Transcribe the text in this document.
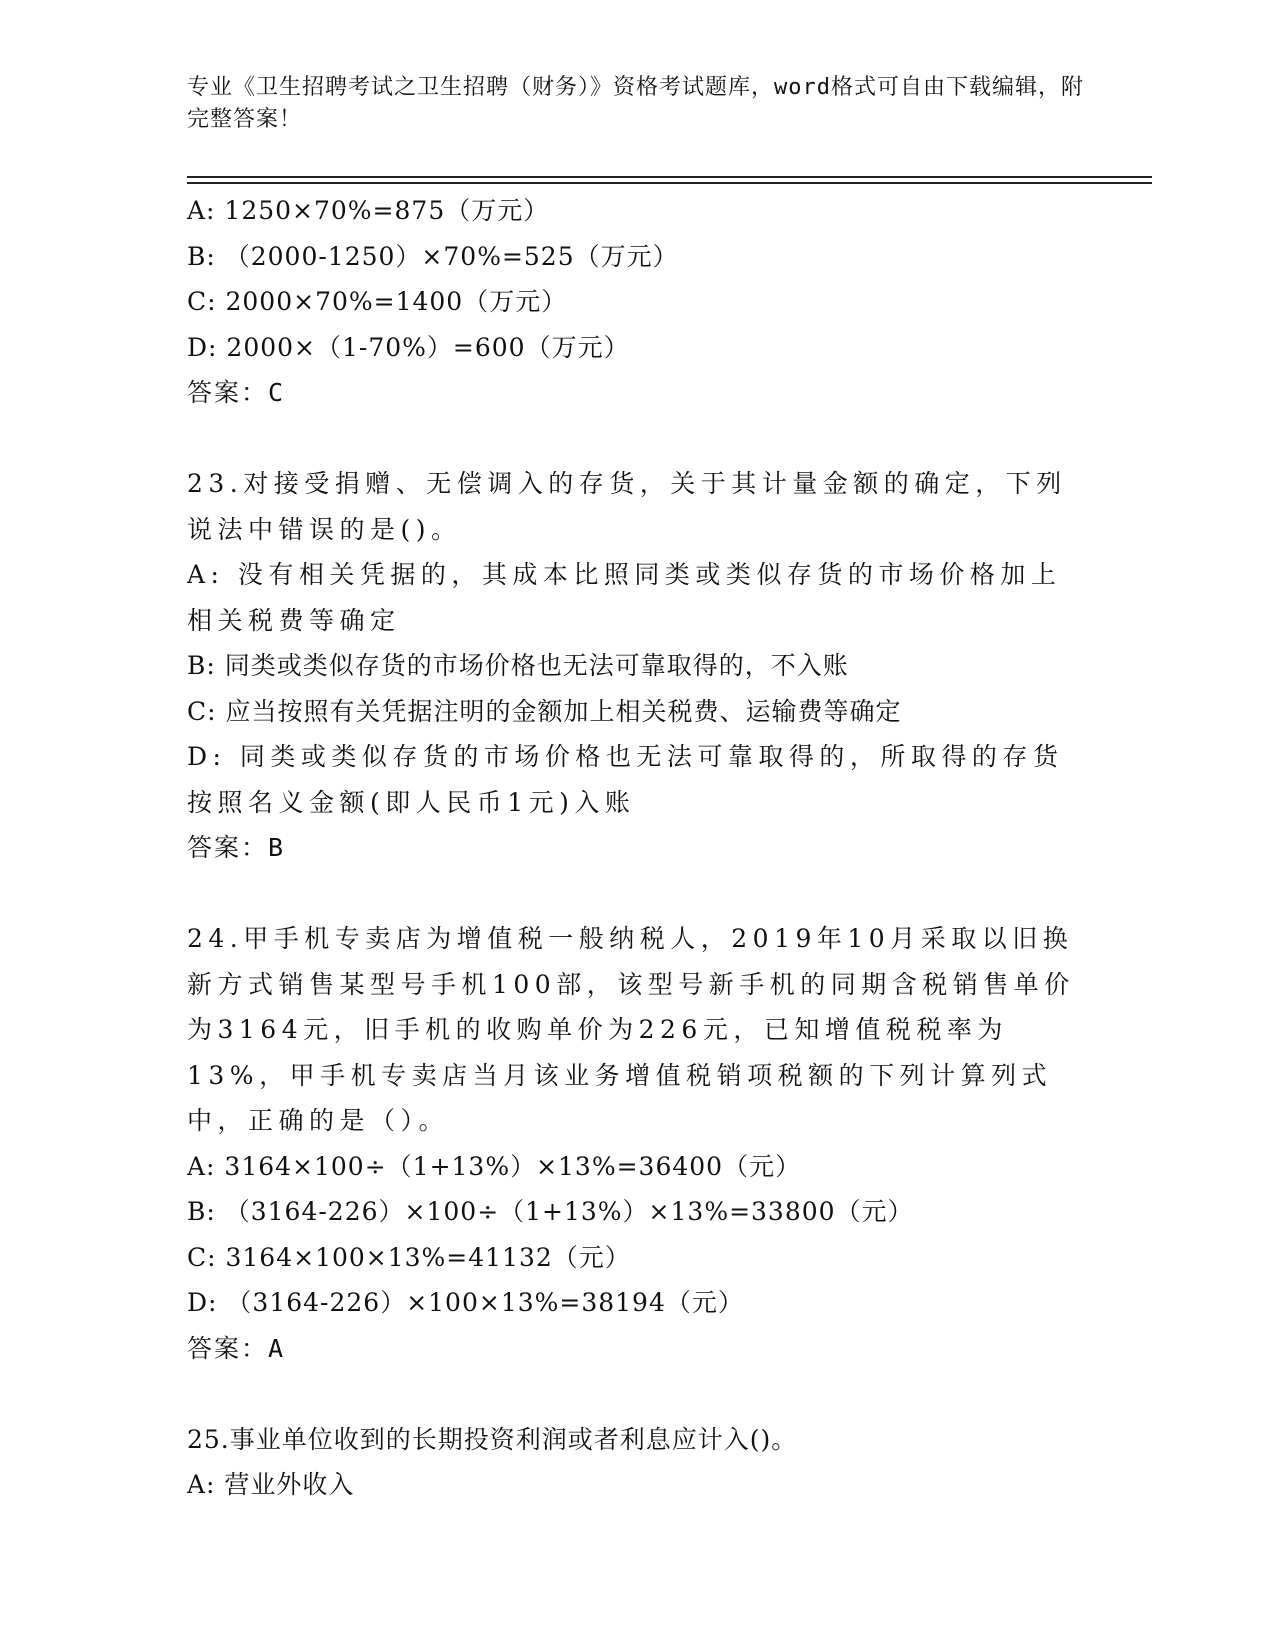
专业《卫生招聘考试之卫生招聘（财务）》资格考试题库，word格式可自由下载编辑，附完整答案！
A: 1250×70%=875（万元）
B: （2000-1250）×70%=525（万元）
C: 2000×70%=1400（万元）
D: 2000×（1-70%）=600（万元）
答案：C
23.对接受捐赠、无偿调入的存货，关于其计量金额的确定，下列说法中错误的是()。
A: 没有相关凭据的，其成本比照同类或类似存货的市场价格加上相关税费等确定
B: 同类或类似存货的市场价格也无法可靠取得的，不入账
C: 应当按照有关凭据注明的金额加上相关税费、运输费等确定
D: 同类或类似存货的市场价格也无法可靠取得的，所取得的存货按照名义金额(即人民币1元)入账
答案：B
24.甲手机专卖店为增值税一般纳税人，2019年10月采取以旧换新方式销售某型号手机100部，该型号新手机的同期含税销售单价为3164元，旧手机的收购单价为226元，已知增值税税率为13%，甲手机专卖店当月该业务增值税销项税额的下列计算列式中，正确的是（）。
A: 3164×100÷（1+13%）×13%=36400（元）
B: （3164-226）×100÷（1+13%）×13%=33800（元）
C: 3164×100×13%=41132（元）
D: （3164-226）×100×13%=38194（元）
答案：A
25.事业单位收到的长期投资利润或者利息应计入()。
A: 营业外收入
